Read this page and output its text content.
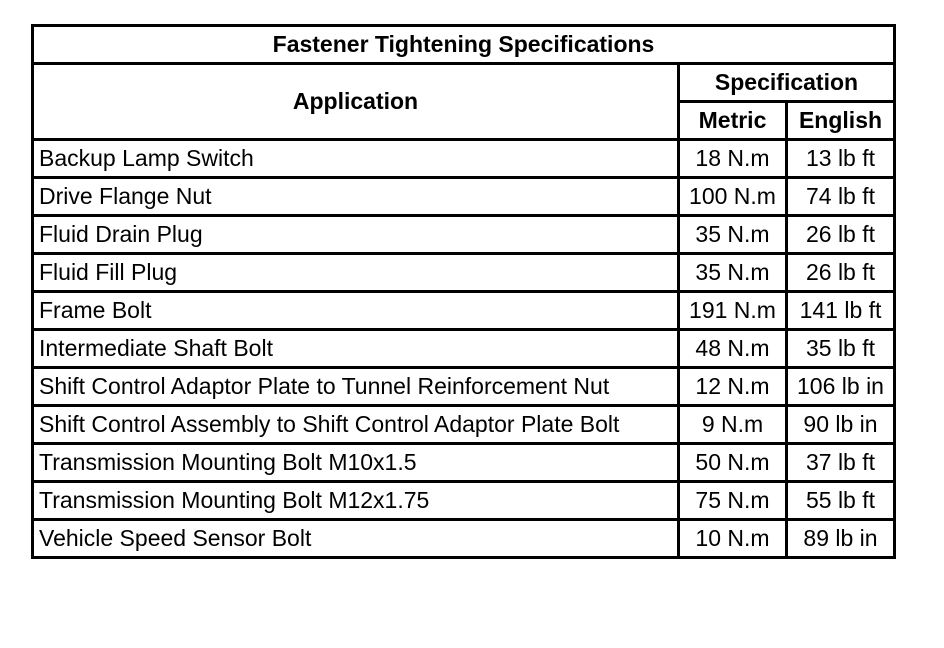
Fastener Tightening Specifications		
Application	Specification	
	Metric	English
Backup Lamp Switch	18 N.m	13 lb ft
Drive Flange Nut	100 N.m	74 lb ft
Fluid Drain Plug	35 N.m	26 lb ft
Fluid Fill Plug	35 N.m	26 lb ft
Frame Bolt	191 N.m	141 lb ft
Intermediate Shaft Bolt	48 N.m	35 lb ft
Shift Control Adaptor Plate to Tunnel Reinforcement Nut	12 N.m	106 lb in
Shift Control Assembly to Shift Control Adaptor Plate Bolt	9 N.m	90 lb in
Transmission Mounting Bolt M10x1.5	50 N.m	37 lb ft
Transmission Mounting Bolt M12x1.75	75 N.m	55 lb ft
Vehicle Speed Sensor Bolt	10 N.m	89 lb in
